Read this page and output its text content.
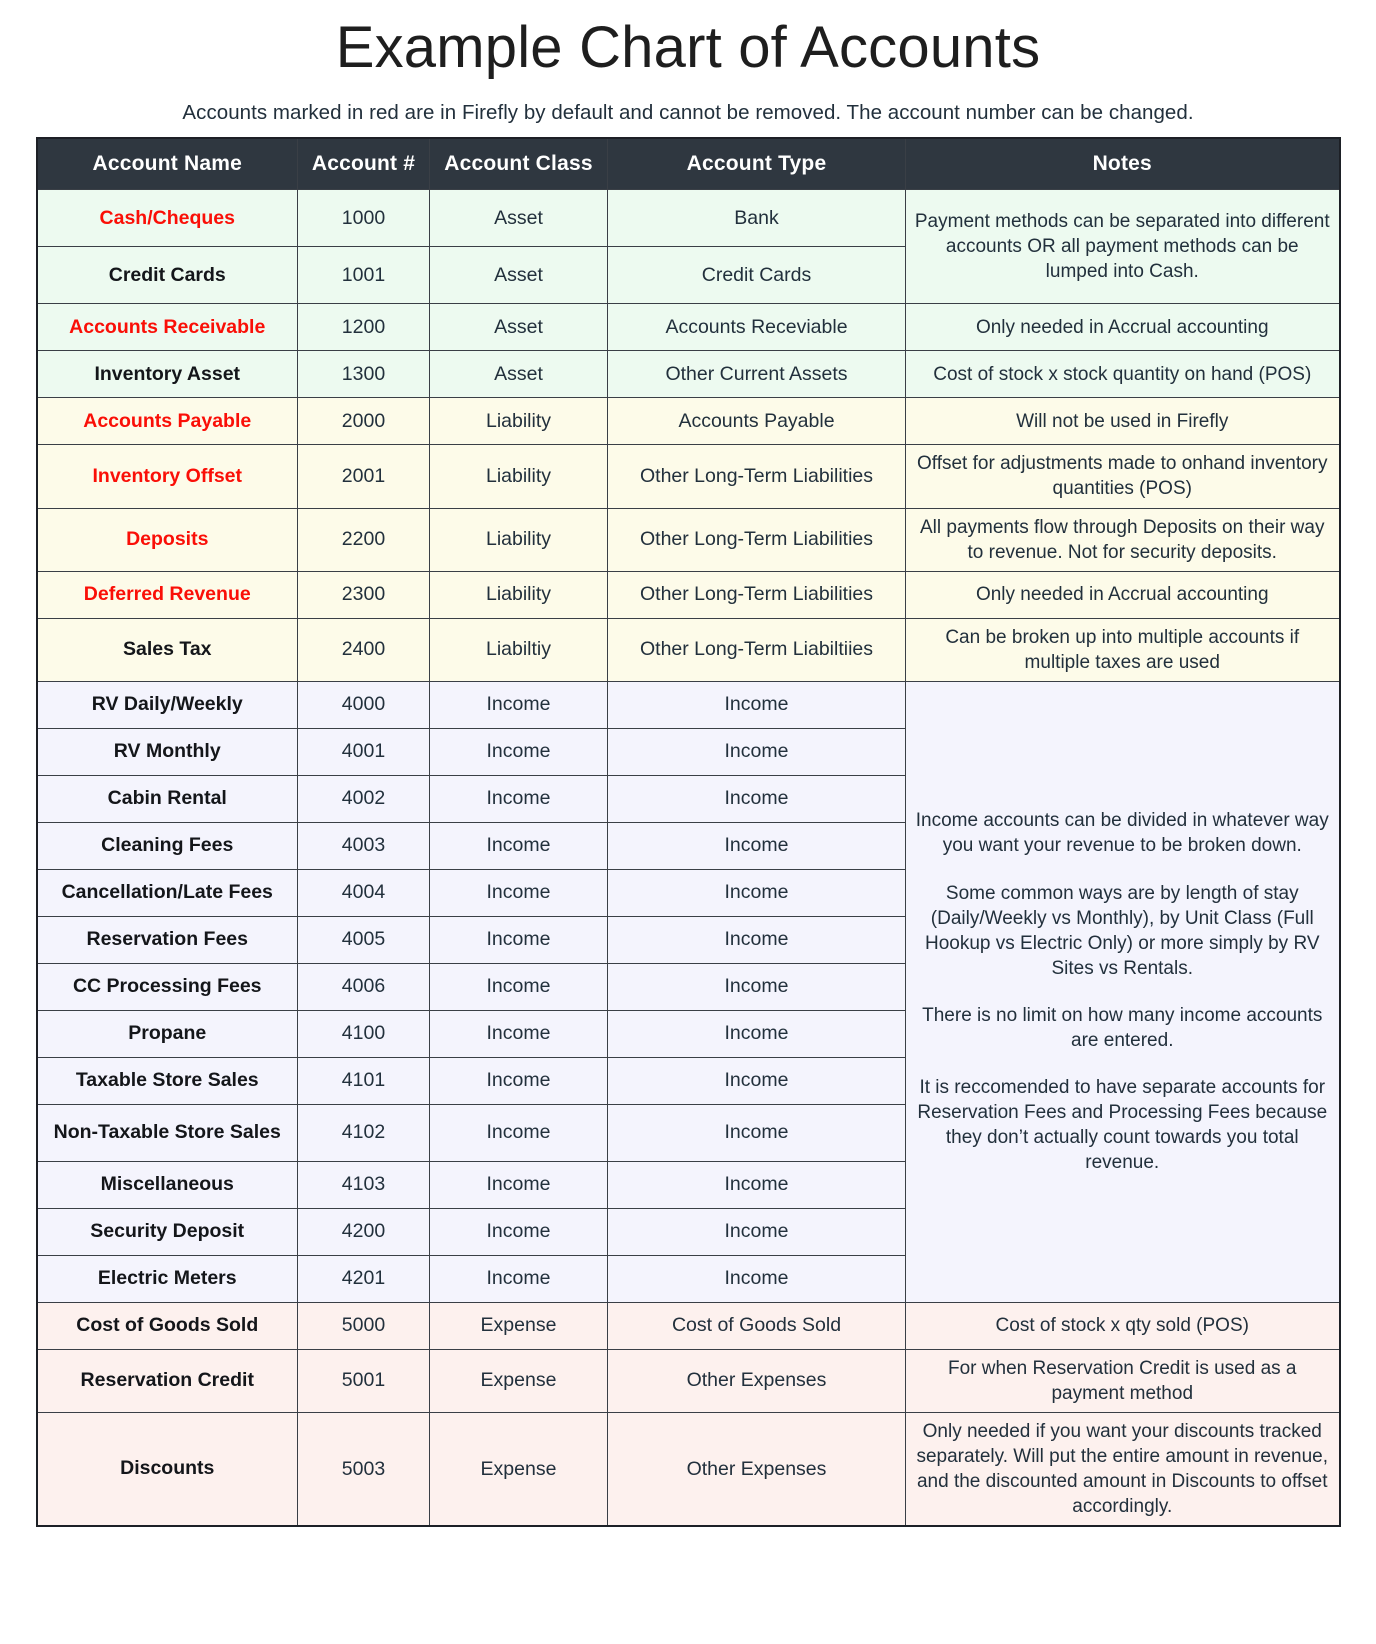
Example Chart of Accounts
Accounts marked in red are in Firefly by default and cannot be removed. The account number can be changed.
Account Name	Account #	Account Class	Account Type	Notes
Cash/Cheques	1000	Asset	Bank	Payment methods can be separated into different accounts OR all payment methods can be lumped into Cash.
Credit Cards	1001	Asset	Credit Cards	
Accounts Receivable	1200	Asset	Accounts Receviable	Only needed in Accrual accounting
Inventory Asset	1300	Asset	Other Current Assets	Cost of stock x stock quantity on hand (POS)
Accounts Payable	2000	Liability	Accounts Payable	Will not be used in Firefly
Inventory Offset	2001	Liability	Other Long-Term Liabilities	Offset for adjustments made to onhand inventory quantities (POS)
Deposits	2200	Liability	Other Long-Term Liabilities	All payments flow through Deposits on their way to revenue. Not for security deposits.
Deferred Revenue	2300	Liability	Other Long-Term Liabilities	Only needed in Accrual accounting
Sales Tax	2400	Liabiltiy	Other Long-Term Liabiltiies	Can be broken up into multiple accounts if multiple taxes are used
RV Daily/Weekly	4000	Income	Income	Income accounts can be divided in whatever way you want your revenue to be broken down.

Some common ways are by length of stay (Daily/Weekly vs Monthly), by Unit Class (Full Hookup vs Electric Only) or more simply by RV Sites vs Rentals.

There is no limit on how many income accounts are entered.

It is reccomended to have separate accounts for Reservation Fees and Processing Fees because they don’t actually count towards you total revenue.

RV Monthly	4001	Income	Income	
Cabin Rental	4002	Income	Income	
Cleaning Fees	4003	Income	Income	
Cancellation/Late Fees	4004	Income	Income	
Reservation Fees	4005	Income	Income	
CC Processing Fees	4006	Income	Income	
Propane	4100	Income	Income	
Taxable Store Sales	4101	Income	Income	
Non-Taxable Store Sales	4102	Income	Income	
Miscellaneous	4103	Income	Income	
Security Deposit	4200	Income	Income	
Electric Meters	4201	Income	Income	
Cost of Goods Sold	5000	Expense	Cost of Goods Sold	Cost of stock x qty sold (POS)
Reservation Credit	5001	Expense	Other Expenses	For when Reservation Credit is used as a payment method
Discounts	5003	Expense	Other Expenses	Only needed if you want your discounts tracked separately. Will put the entire amount in revenue, and the discounted amount in Discounts to offset accordingly.
